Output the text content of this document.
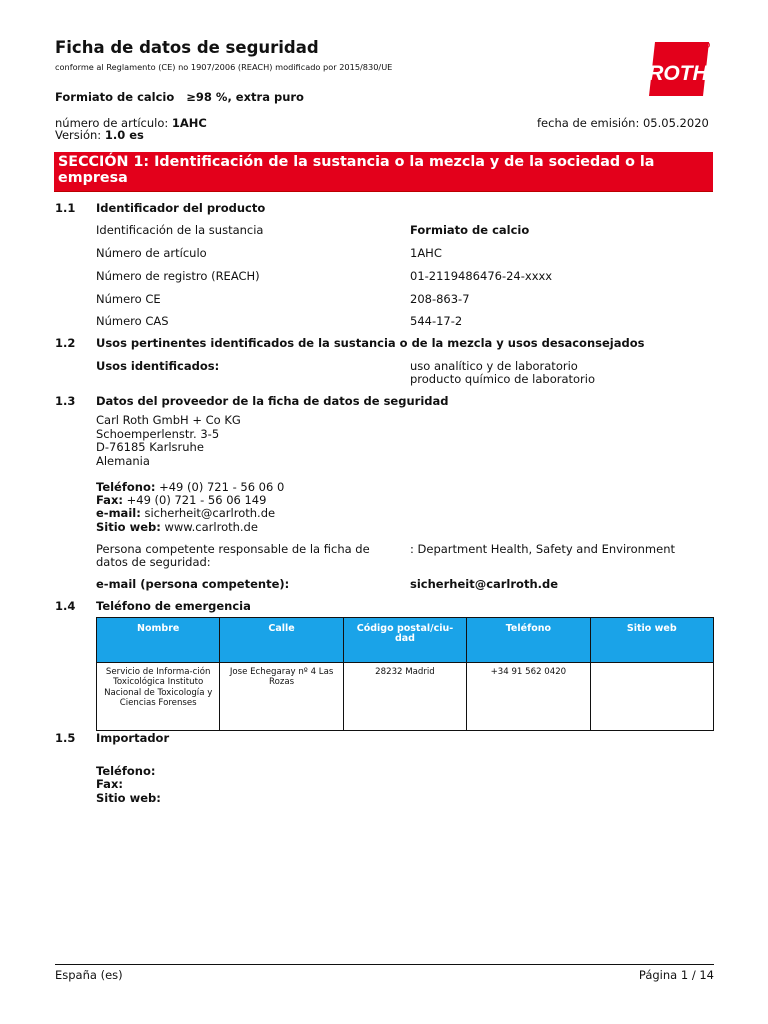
Ficha de datos de seguridad
conforme al Reglamento (CE) no 1907/2006 (REACH) modificado por 2015/830/UE	ROTH
Formiato de calcio   ≥98 %, extra puro
número de artículo: 1AHC
Versión: 1.0 es
fecha de emisión: 05.05.2020
SECCIÓN 1: Identificación de la sustancia o la mezcla y de la sociedad o la empresa
1.1 Identificador del producto
Identificación de la sustancia	Formiato de calcio
Número de artículo	1AHC
Número de registro (REACH)	01-2119486476-24-xxxx
Número CE	208-863-7
Número CAS	544-17-2
1.2 Usos pertinentes identificados de la sustancia o de la mezcla y usos desaconsejados
Usos identificados:	uso analítico y de laboratorio
producto químico de laboratorio
1.3 Datos del proveedor de la ficha de datos de seguridad
Carl Roth GmbH + Co KG
Schoemperlenstr. 3-5
D-76185 Karlsruhe
Alemania
Teléfono: +49 (0) 721 - 56 06 0
Fax: +49 (0) 721 - 56 06 149
e-mail: sicherheit@carlroth.de
Sitio web: www.carlroth.de
Persona competente responsable de la ficha de
datos de seguridad:
: Department Health, Safety and Environment
e-mail (persona competente):	sicherheit@carlroth.de
1.4 Teléfono de emergencia
Nombre	Calle	Código postal/ciu-dad	Teléfono	Sitio web
Servicio de Informa-ción Toxicológica Instituto Nacional de Toxicología y Ciencias Forenses	Jose Echegaray nº 4 Las Rozas	28232 Madrid	+34 91 562 0420	
1.5 Importador
Teléfono:
Fax:
Sitio web:
España (es)	Página 1 / 14
